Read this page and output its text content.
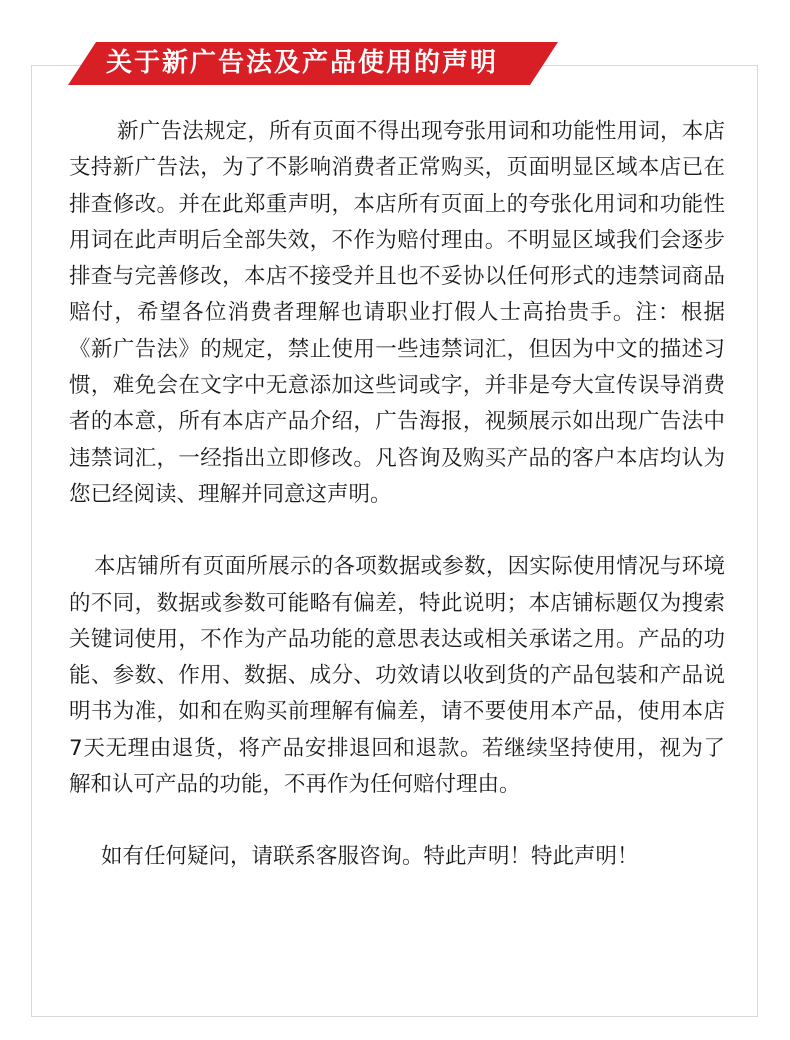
关于新广告法及产品使用的声明

新广告法规定，所有页面不得出现夸张用词和功能性用词，本店支持新广告法，为了不影响消费者正常购买，页面明显区域本店已在排查修改。并在此郑重声明，本店所有页面上的夸张化用词和功能性用词在此声明后全部失效，不作为赔付理由。不明显区域我们会逐步排查与完善修改，本店不接受并且也不妥协以任何形式的违禁词商品赔付，希望各位消费者理解也请职业打假人士高抬贵手。注：根据《新广告法》的规定，禁止使用一些违禁词汇，但因为中文的描述习惯，难免会在文字中无意添加这些词或字，并非是夸大宣传误导消费者的本意，所有本店产品介绍，广告海报，视频展示如出现广告法中违禁词汇，一经指出立即修改。凡咨询及购买产品的客户本店均认为您已经阅读、理解并同意这声明。

本店铺所有页面所展示的各项数据或参数，因实际使用情况与环境的不同，数据或参数可能略有偏差，特此说明；本店铺标题仅为搜索关键词使用，不作为产品功能的意思表达或相关承诺之用。产品的功能、参数、作用、数据、成分、功效请以收到货的产品包装和产品说明书为准，如和在购买前理解有偏差，请不要使用本产品，使用本店7天无理由退货，将产品安排退回和退款。若继续坚持使用，视为了解和认可产品的功能，不再作为任何赔付理由。

如有任何疑问，请联系客服咨询。特此声明！特此声明！
